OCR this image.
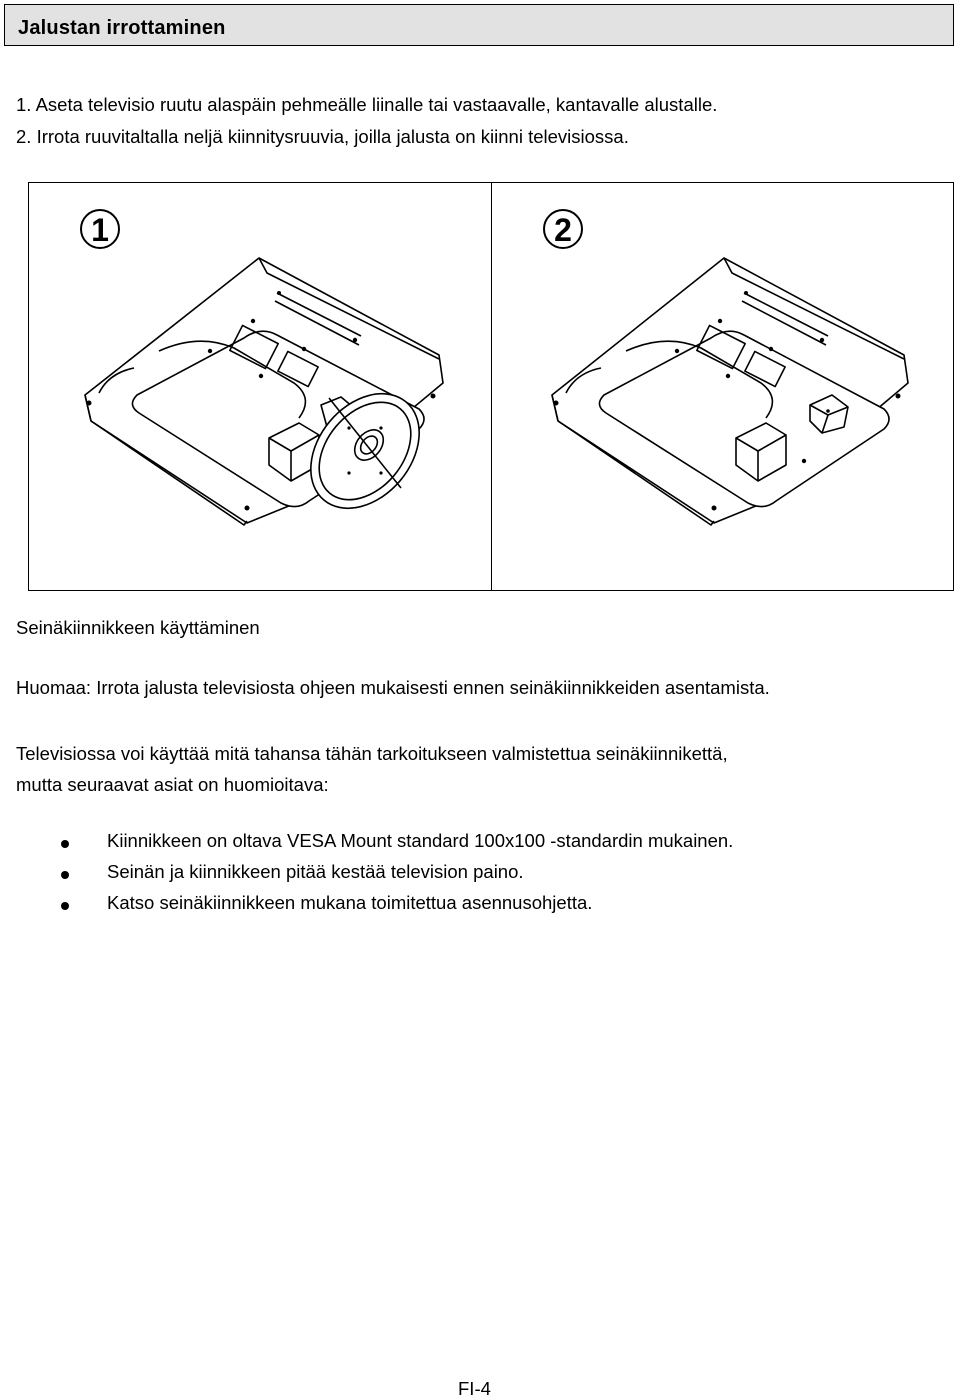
Jalustan irrottaminen
1. Aseta televisio ruutu alaspäin pehmeälle liinalle tai vastaavalle, kantavalle alustalle.
2. Irrota ruuvitaltalla neljä kiinnitysruuvia, joilla jalusta on kiinni televisiossa.
1	2
Seinäkiinnikkeen käyttäminen
Huomaa: Irrota jalusta televisiosta ohjeen mukaisesti ennen seinäkiinnikkeiden asentamista.
Televisiossa voi käyttää mitä tahansa tähän tarkoitukseen valmistettua seinäkiinnikettä,
mutta seuraavat asiat on huomioitava:
Kiinnikkeen on oltava VESA Mount standard 100x100 -standardin mukainen.
Seinän ja kiinnikkeen pitää kestää television paino.
Katso seinäkiinnikkeen mukana toimitettua asennusohjetta.
FI-4
